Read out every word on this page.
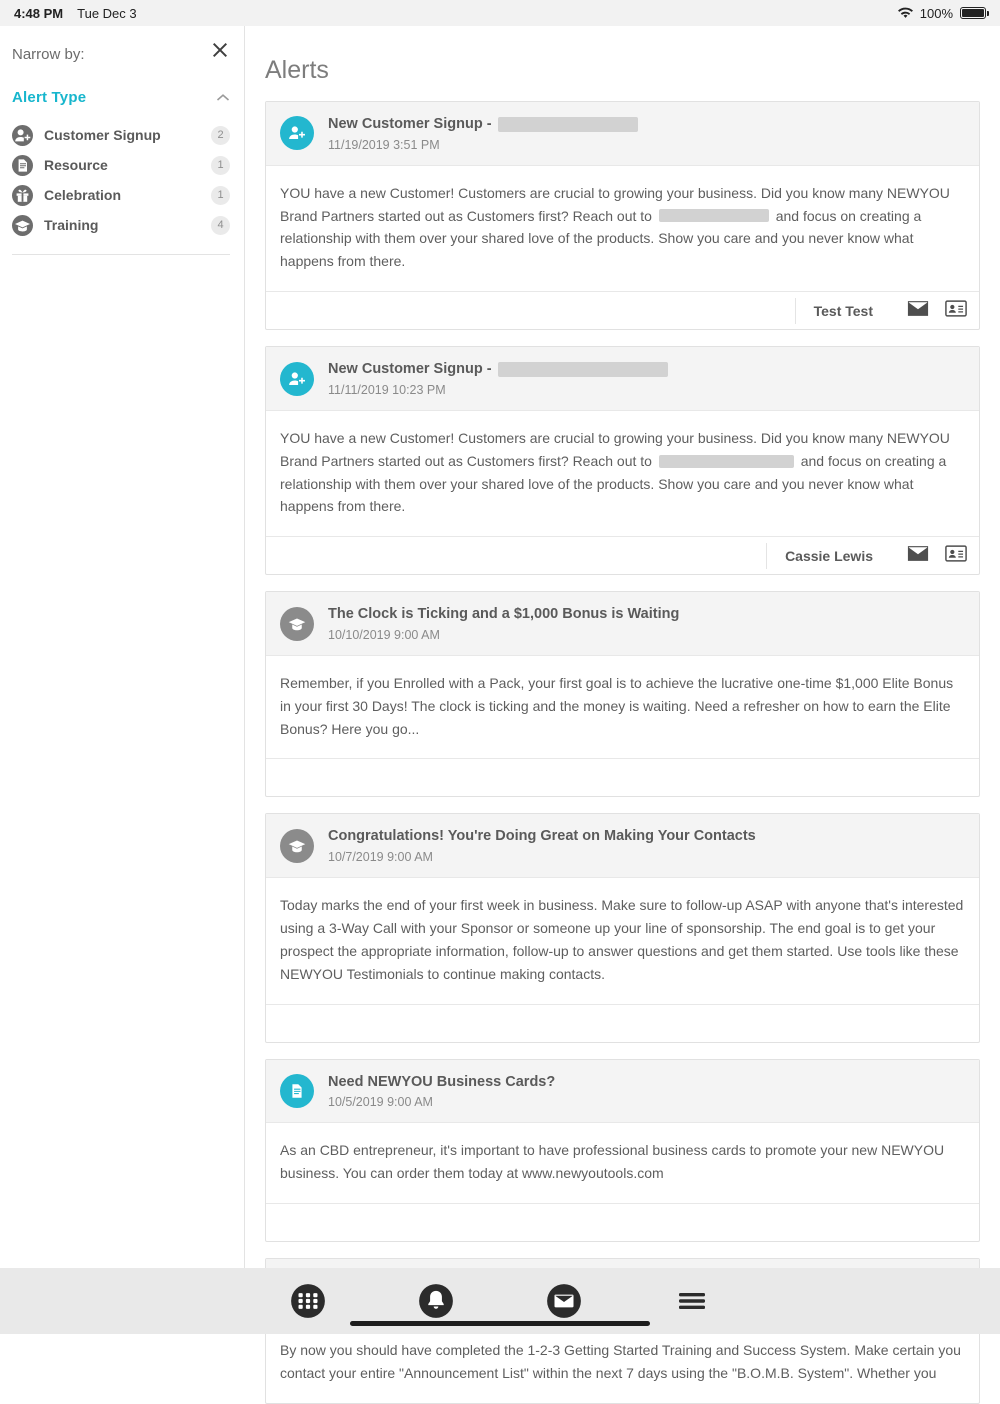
4:48 PM Tue Dec 3	100%
Narrow by:
Alert Type
Customer Signup	2
Resource	1
Celebration	1
Training	4
Alerts
New Customer Signup -
11/19/2019 3:51 PM
YOU have a new Customer! Customers are crucial to growing your business. Did you know many NEWYOU Brand Partners started out as Customers first? Reach out to	and focus on creating a relationship with them over your shared love of the products. Show you care and you never know what happens from there.
Test Test
New Customer Signup -
11/11/2019 10:23 PM
YOU have a new Customer! Customers are crucial to growing your business. Did you know many NEWYOU Brand Partners started out as Customers first? Reach out to	and focus on creating a relationship with them over your shared love of the products. Show you care and you never know what happens from there.
Cassie Lewis
The Clock is Ticking and a $1,000 Bonus is Waiting
10/10/2019 9:00 AM
Remember, if you Enrolled with a Pack, your first goal is to achieve the lucrative one-time $1,000 Elite Bonus in your first 30 Days! The clock is ticking and the money is waiting. Need a refresher on how to earn the Elite Bonus? Here you go...
Congratulations! You're Doing Great on Making Your Contacts
10/7/2019 9:00 AM
Today marks the end of your first week in business. Make sure to follow-up ASAP with anyone that's interested using a 3-Way Call with your Sponsor or someone up your line of sponsorship. The end goal is to get your prospect the appropriate information, follow-up to answer questions and get them started. Use tools like these NEWYOU Testimonials to continue making contacts.
Need NEWYOU Business Cards?
10/5/2019 9:00 AM
As an CBD entrepreneur, it's important to have professional business cards to promote your new NEWYOU business. You can order them today at www.newyoutools.com
By now you should have completed the 1-2-3 Getting Started Training and Success System. Make certain you contact your entire "Announcement List" within the next 7 days using the "B.O.M.B. System". Whether you
